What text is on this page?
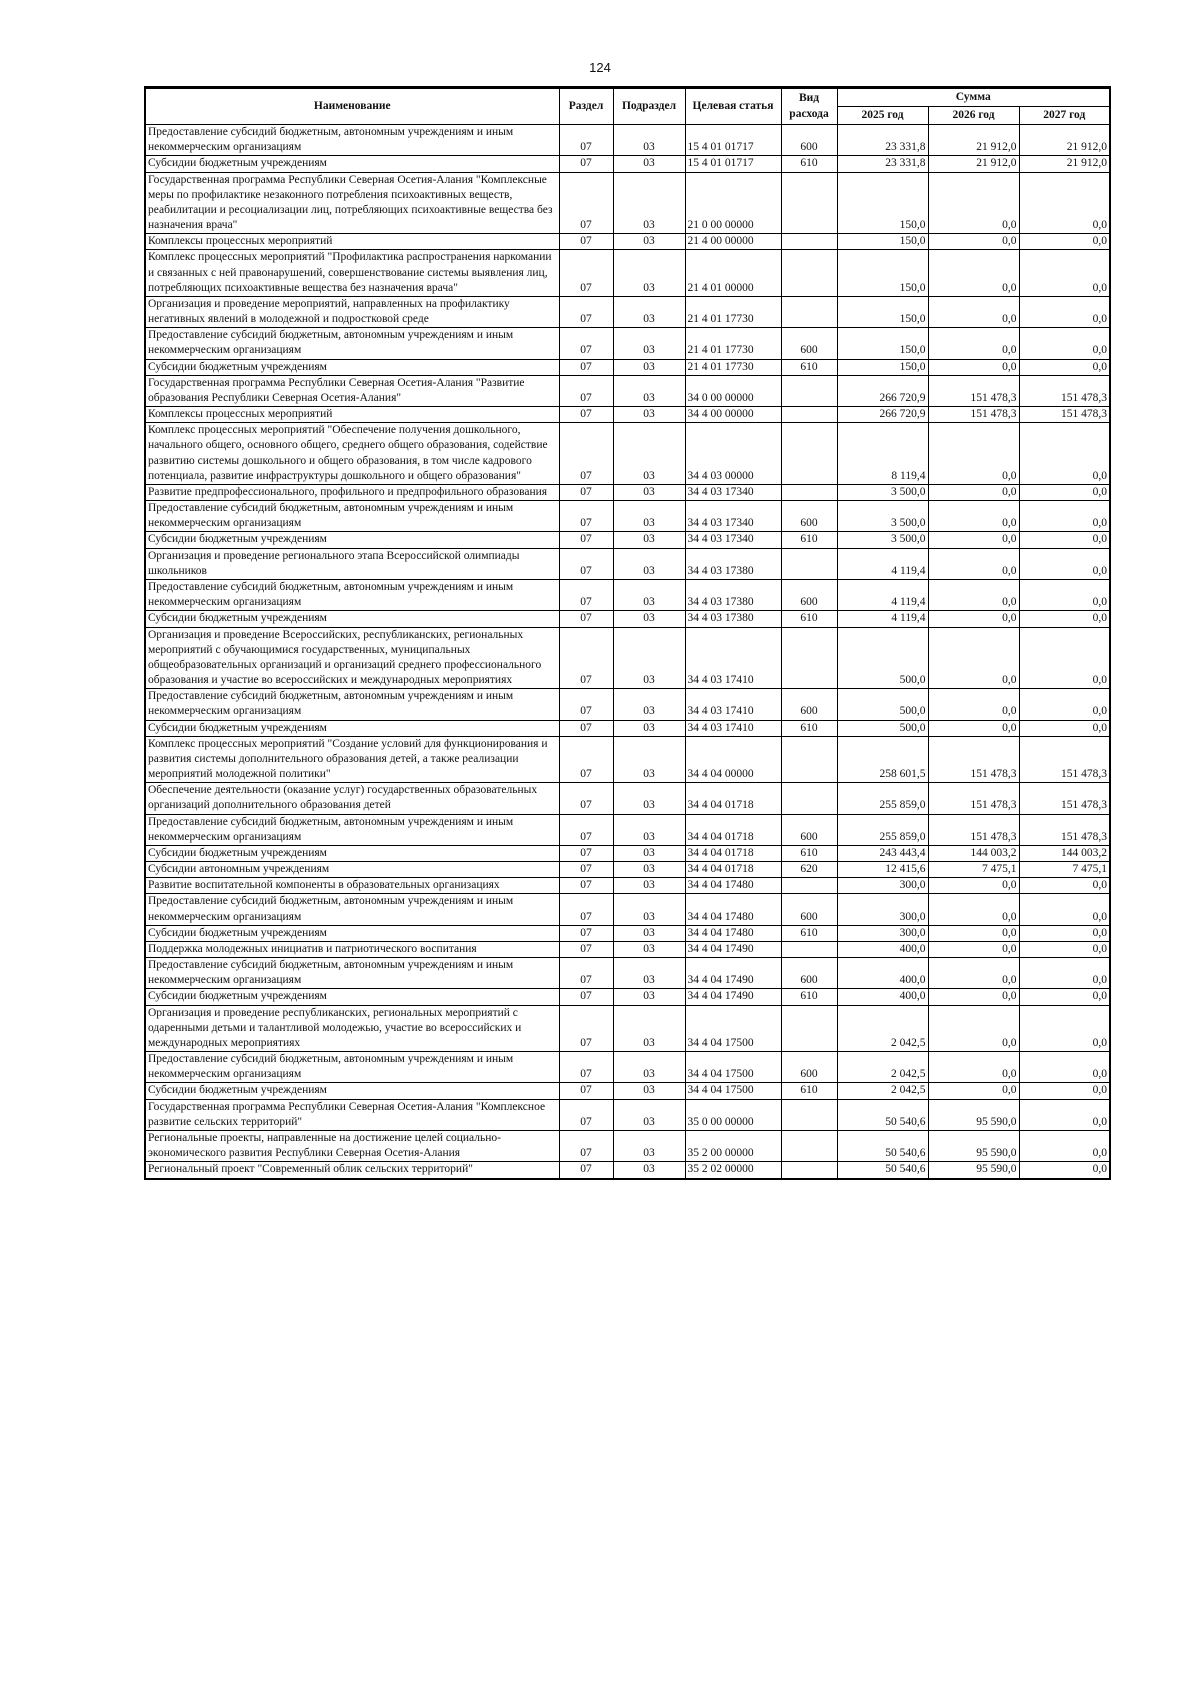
124
Наименование	Раздел	Подраздел	Целевая статья	Вид расхода	Сумма		
					2025 год	2026 год	2027 год
Предоставление субсидий бюджетным, автономным учреждениям и иным некоммерческим организациям	07	03	15 4 01 01717	600	23 331,8	21 912,0	21 912,0
Субсидии бюджетным учреждениям	07	03	15 4 01 01717	610	23 331,8	21 912,0	21 912,0
Государственная программа Республики Северная Осетия-Алания "Комплексные меры по профилактике незаконного потребления психоактивных веществ, реабилитации и ресоциализации лиц, потребляющих психоактивные вещества без назначения врача"	07	03	21 0 00 00000		150,0	0,0	0,0
Комплексы процессных мероприятий	07	03	21 4 00 00000		150,0	0,0	0,0
Комплекс процессных мероприятий "Профилактика распространения наркомании и связанных с ней правонарушений, совершенствование системы выявления лиц, потребляющих психоактивные вещества без назначения врача"	07	03	21 4 01 00000		150,0	0,0	0,0
Организация и проведение мероприятий, направленных на профилактику негативных явлений в молодежной и подростковой среде	07	03	21 4 01 17730		150,0	0,0	0,0
Предоставление субсидий бюджетным, автономным учреждениям и иным некоммерческим организациям	07	03	21 4 01 17730	600	150,0	0,0	0,0
Субсидии бюджетным учреждениям	07	03	21 4 01 17730	610	150,0	0,0	0,0
Государственная программа Республики Северная Осетия-Алания "Развитие образования Республики Северная Осетия-Алания"	07	03	34 0 00 00000		266 720,9	151 478,3	151 478,3
Комплексы процессных мероприятий	07	03	34 4 00 00000		266 720,9	151 478,3	151 478,3
Комплекс процессных мероприятий "Обеспечение получения дошкольного, начального общего, основного общего, среднего общего образования, содействие развитию системы дошкольного и общего образования, в том числе кадрового потенциала, развитие инфраструктуры дошкольного и общего образования"	07	03	34 4 03 00000		8 119,4	0,0	0,0
Развитие предпрофессионального, профильного и предпрофильного образования	07	03	34 4 03 17340		3 500,0	0,0	0,0
Предоставление субсидий бюджетным, автономным учреждениям и иным некоммерческим организациям	07	03	34 4 03 17340	600	3 500,0	0,0	0,0
Субсидии бюджетным учреждениям	07	03	34 4 03 17340	610	3 500,0	0,0	0,0
Организация и проведение регионального этапа Всероссийской олимпиады школьников	07	03	34 4 03 17380		4 119,4	0,0	0,0
Предоставление субсидий бюджетным, автономным учреждениям и иным некоммерческим организациям	07	03	34 4 03 17380	600	4 119,4	0,0	0,0
Субсидии бюджетным учреждениям	07	03	34 4 03 17380	610	4 119,4	0,0	0,0
Организация и проведение Всероссийских, республиканских, региональных мероприятий с обучающимися государственных, муниципальных общеобразовательных организаций и организаций среднего профессионального образования и участие во всероссийских и международных мероприятиях	07	03	34 4 03 17410		500,0	0,0	0,0
Предоставление субсидий бюджетным, автономным учреждениям и иным некоммерческим организациям	07	03	34 4 03 17410	600	500,0	0,0	0,0
Субсидии бюджетным учреждениям	07	03	34 4 03 17410	610	500,0	0,0	0,0
Комплекс процессных мероприятий "Создание условий для функционирования и развития системы дополнительного образования детей, а также реализации мероприятий молодежной политики"	07	03	34 4 04 00000		258 601,5	151 478,3	151 478,3
Обеспечение деятельности (оказание услуг) государственных образовательных организаций дополнительного образования детей	07	03	34 4 04 01718		255 859,0	151 478,3	151 478,3
Предоставление субсидий бюджетным, автономным учреждениям и иным некоммерческим организациям	07	03	34 4 04 01718	600	255 859,0	151 478,3	151 478,3
Субсидии бюджетным учреждениям	07	03	34 4 04 01718	610	243 443,4	144 003,2	144 003,2
Субсидии автономным учреждениям	07	03	34 4 04 01718	620	12 415,6	7 475,1	7 475,1
Развитие воспитательной компоненты в образовательных организациях	07	03	34 4 04 17480		300,0	0,0	0,0
Предоставление субсидий бюджетным, автономным учреждениям и иным некоммерческим организациям	07	03	34 4 04 17480	600	300,0	0,0	0,0
Субсидии бюджетным учреждениям	07	03	34 4 04 17480	610	300,0	0,0	0,0
Поддержка молодежных инициатив и патриотического воспитания	07	03	34 4 04 17490		400,0	0,0	0,0
Предоставление субсидий бюджетным, автономным учреждениям и иным некоммерческим организациям	07	03	34 4 04 17490	600	400,0	0,0	0,0
Субсидии бюджетным учреждениям	07	03	34 4 04 17490	610	400,0	0,0	0,0
Организация и проведение республиканских, региональных мероприятий с одаренными детьми и талантливой молодежью, участие во всероссийских и международных мероприятиях	07	03	34 4 04 17500		2 042,5	0,0	0,0
Предоставление субсидий бюджетным, автономным учреждениям и иным некоммерческим организациям	07	03	34 4 04 17500	600	2 042,5	0,0	0,0
Субсидии бюджетным учреждениям	07	03	34 4 04 17500	610	2 042,5	0,0	0,0
Государственная программа Республики Северная Осетия-Алания "Комплексное развитие сельских территорий"	07	03	35 0 00 00000		50 540,6	95 590,0	0,0
Региональные проекты, направленные на достижение целей социально-экономического развития Республики Северная Осетия-Алания	07	03	35 2 00 00000		50 540,6	95 590,0	0,0
Региональный проект "Современный облик сельских территорий"	07	03	35 2 02 00000		50 540,6	95 590,0	0,0
